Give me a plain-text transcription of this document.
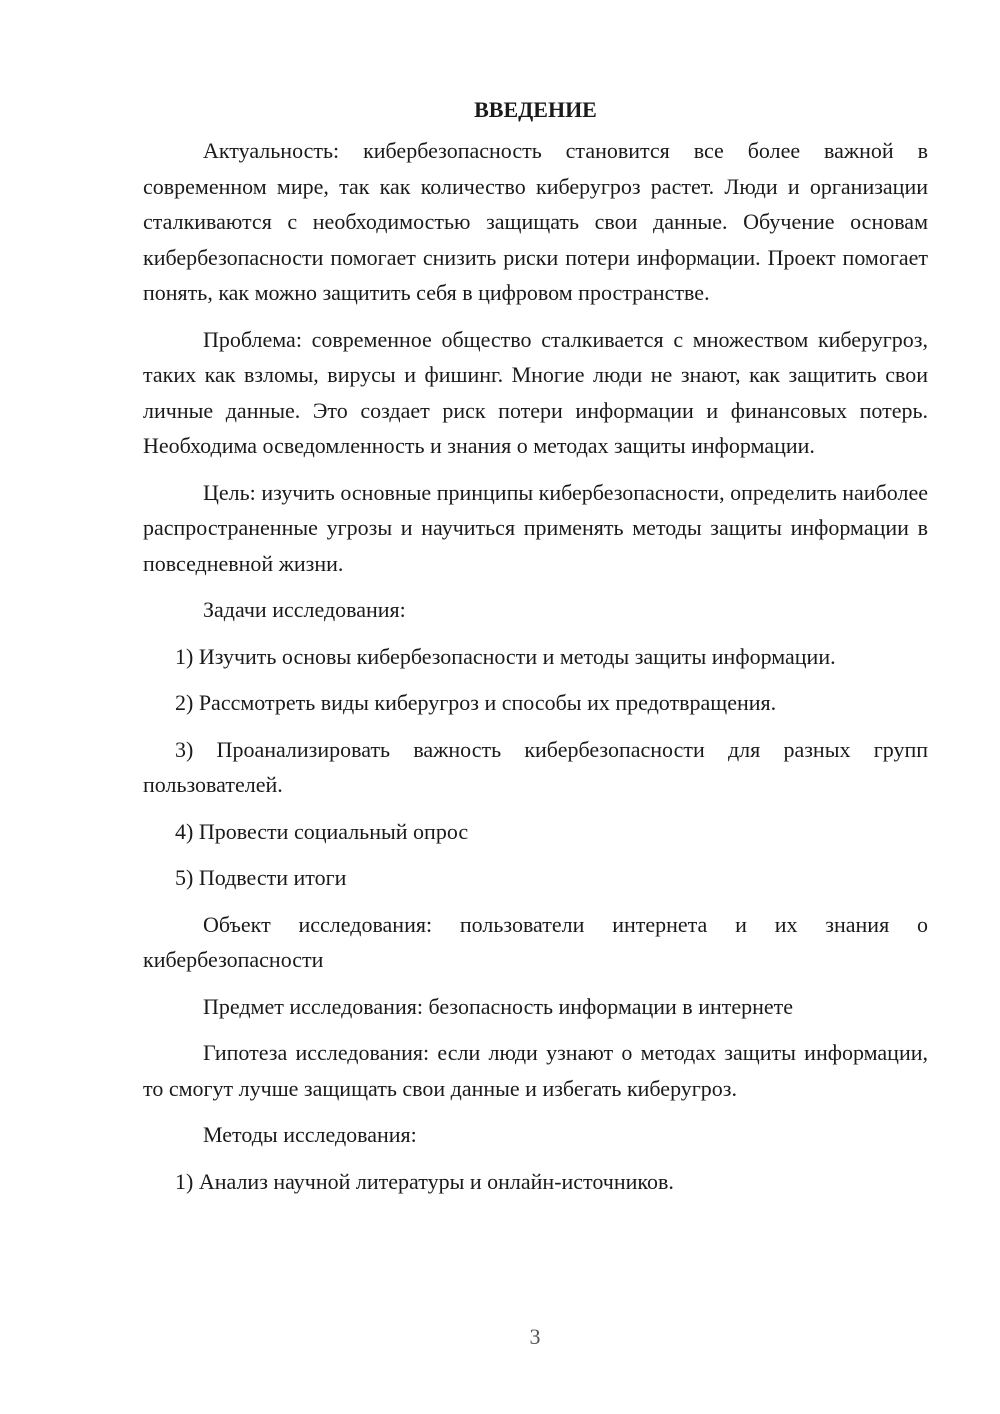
ВВЕДЕНИЕ

Актуальность: кибербезопасность становится все более важной в современном мире, так как количество киберугроз растет. Люди и организации сталкиваются с необходимостью защищать свои данные. Обучение основам кибербезопасности помогает снизить риски потери информации. Проект помогает понять, как можно защитить себя в цифровом пространстве.

Проблема: современное общество сталкивается с множеством киберугроз, таких как взломы, вирусы и фишинг. Многие люди не знают, как защитить свои личные данные. Это создает риск потери информации и финансовых потерь. Необходима осведомленность и знания о методах защиты информации.

Цель: изучить основные принципы кибербезопасности, определить наиболее распространенные угрозы и научиться применять методы защиты информации в повседневной жизни.

Задачи исследования:

1) Изучить основы кибербезопасности и методы защиты информации.

2) Рассмотреть виды киберугроз и способы их предотвращения.

3) Проанализировать важность кибербезопасности для разных групп пользователей.

4) Провести социальный опрос

5) Подвести итоги

Объект исследования: пользователи интернета и их знания о кибербезопасности

Предмет исследования: безопасность информации в интернете

Гипотеза исследования: если люди узнают о методах защиты информации, то смогут лучше защищать свои данные и избегать киберугроз.

Методы исследования:

1) Анализ научной литературы и онлайн-источников.

3
